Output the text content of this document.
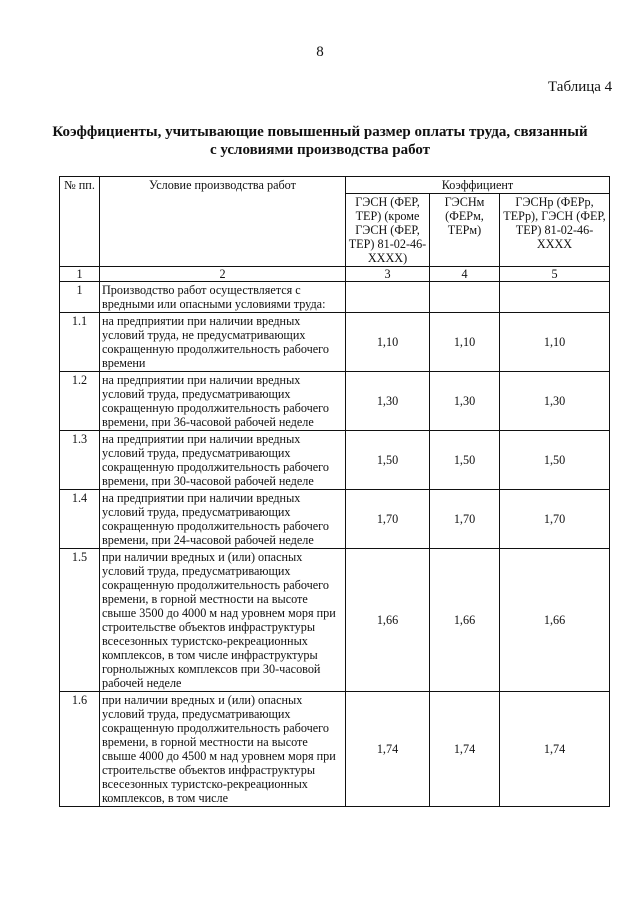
8
Таблица 4
Коэффициенты, учитывающие повышенный размер оплаты труда, связанный
с условиями производства работ
№ пп.	Условие производства работ	Коэффициент		
		ГЭСН (ФЕР, ТЕР) (кроме ГЭСН (ФЕР, ТЕР) 81-02-46-XXXX)	ГЭСНм (ФЕРм, ТЕРм)	ГЭСНр (ФЕРр, ТЕРр), ГЭСН (ФЕР, ТЕР) 81-02-46-XXXX
1	2	3	4	5
1	Производство работ осуществляется с вредными или опасными условиями труда:			
1.1	на предприятии при наличии вредных условий труда, не предусматривающих сокращенную продолжительность рабочего времени	1,10	1,10	1,10
1.2	на предприятии при наличии вредных условий труда, предусматривающих сокращенную продолжительность рабочего времени, при 36-часовой рабочей неделе	1,30	1,30	1,30
1.3	на предприятии при наличии вредных условий труда, предусматривающих сокращенную продолжительность рабочего времени, при 30-часовой рабочей неделе	1,50	1,50	1,50
1.4	на предприятии при наличии вредных условий труда, предусматривающих сокращенную продолжительность рабочего времени, при 24-часовой рабочей неделе	1,70	1,70	1,70
1.5	при наличии вредных и (или) опасных условий труда, предусматривающих сокращенную продолжительность рабочего времени, в горной местности на высоте свыше 3500 до 4000 м над уровнем моря при строительстве объектов инфраструктуры всесезонных туристско-рекреационных комплексов, в том числе инфраструктуры горнолыжных комплексов при 30-часовой рабочей неделе	1,66	1,66	1,66
1.6	при наличии вредных и (или) опасных условий труда, предусматривающих сокращенную продолжительность рабочего времени, в горной местности на высоте свыше 4000 до 4500 м над уровнем моря при строительстве объектов инфраструктуры всесезонных туристско-рекреационных комплексов, в том числе	1,74	1,74	1,74
